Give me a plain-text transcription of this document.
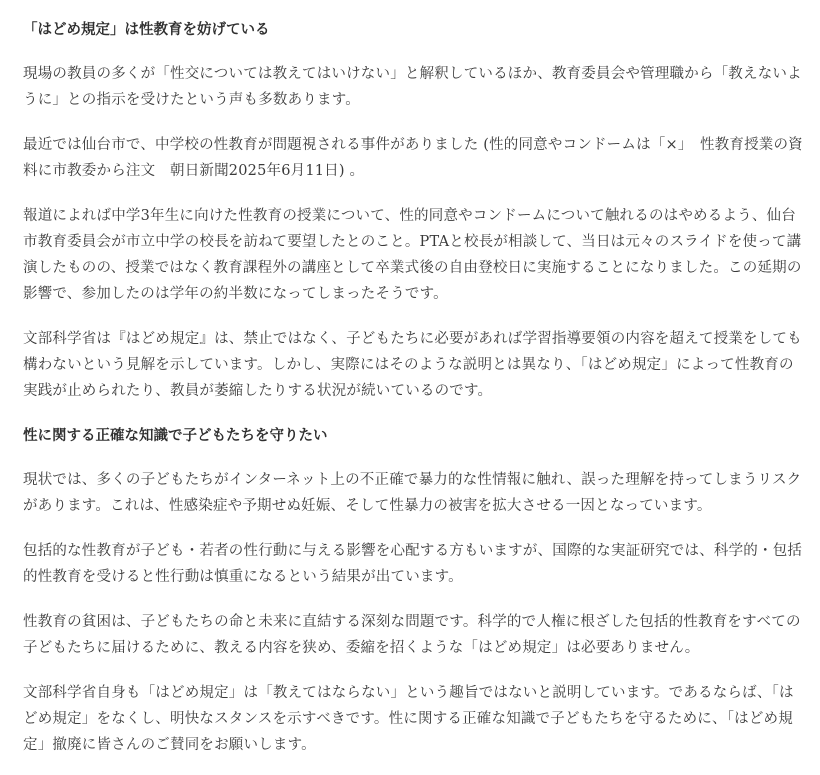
「はどめ規定」は性教育を妨げている

現場の教員の多くが「性交については教えてはいけない」と解釈しているほか、教育委員会や管理職から「教えないように」との指示を受けたという声も多数あります。

最近では仙台市で、中学校の性教育が問題視される事件がありました (性的同意やコンドームは「×」　性教育授業の資料に市教委から注文　朝日新聞2025年6月11日) 。

報道によれば中学3年生に向けた性教育の授業について、性的同意やコンドームについて触れるのはやめるよう、仙台市教育委員会が市立中学の校長を訪ねて要望したとのこと。PTAと校長が相談して、当日は元々のスライドを使って講演したものの、授業ではなく教育課程外の講座として卒業式後の自由登校日に実施することになりました。この延期の影響で、参加したのは学年の約半数になってしまったそうです。

文部科学省は『はどめ規定』は、禁止ではなく、子どもたちに必要があれば学習指導要領の内容を超えて授業をしても構わないという見解を示しています。しかし、実際にはそのような説明とは異なり、「はどめ規定」によって性教育の実践が止められたり、教員が萎縮したりする状況が続いているのです。

性に関する正確な知識で子どもたちを守りたい

現状では、多くの子どもたちがインターネット上の不正確で暴力的な性情報に触れ、誤った理解を持ってしまうリスクがあります。これは、性感染症や予期せぬ妊娠、そして性暴力の被害を拡大させる一因となっています。

包括的な性教育が子ども・若者の性行動に与える影響を心配する方もいますが、国際的な実証研究では、科学的・包括的性教育を受けると性行動は慎重になるという結果が出ています。

性教育の貧困は、子どもたちの命と未来に直結する深刻な問題です。科学的で人権に根ざした包括的性教育をすべての子どもたちに届けるために、教える内容を狭め、委縮を招くような「はどめ規定」は必要ありません。

文部科学省自身も「はどめ規定」は「教えてはならない」という趣旨ではないと説明しています。であるならば、「はどめ規定」をなくし、明快なスタンスを示すべきです。性に関する正確な知識で子どもたちを守るために、「はどめ規定」撤廃に皆さんのご賛同をお願いします。
